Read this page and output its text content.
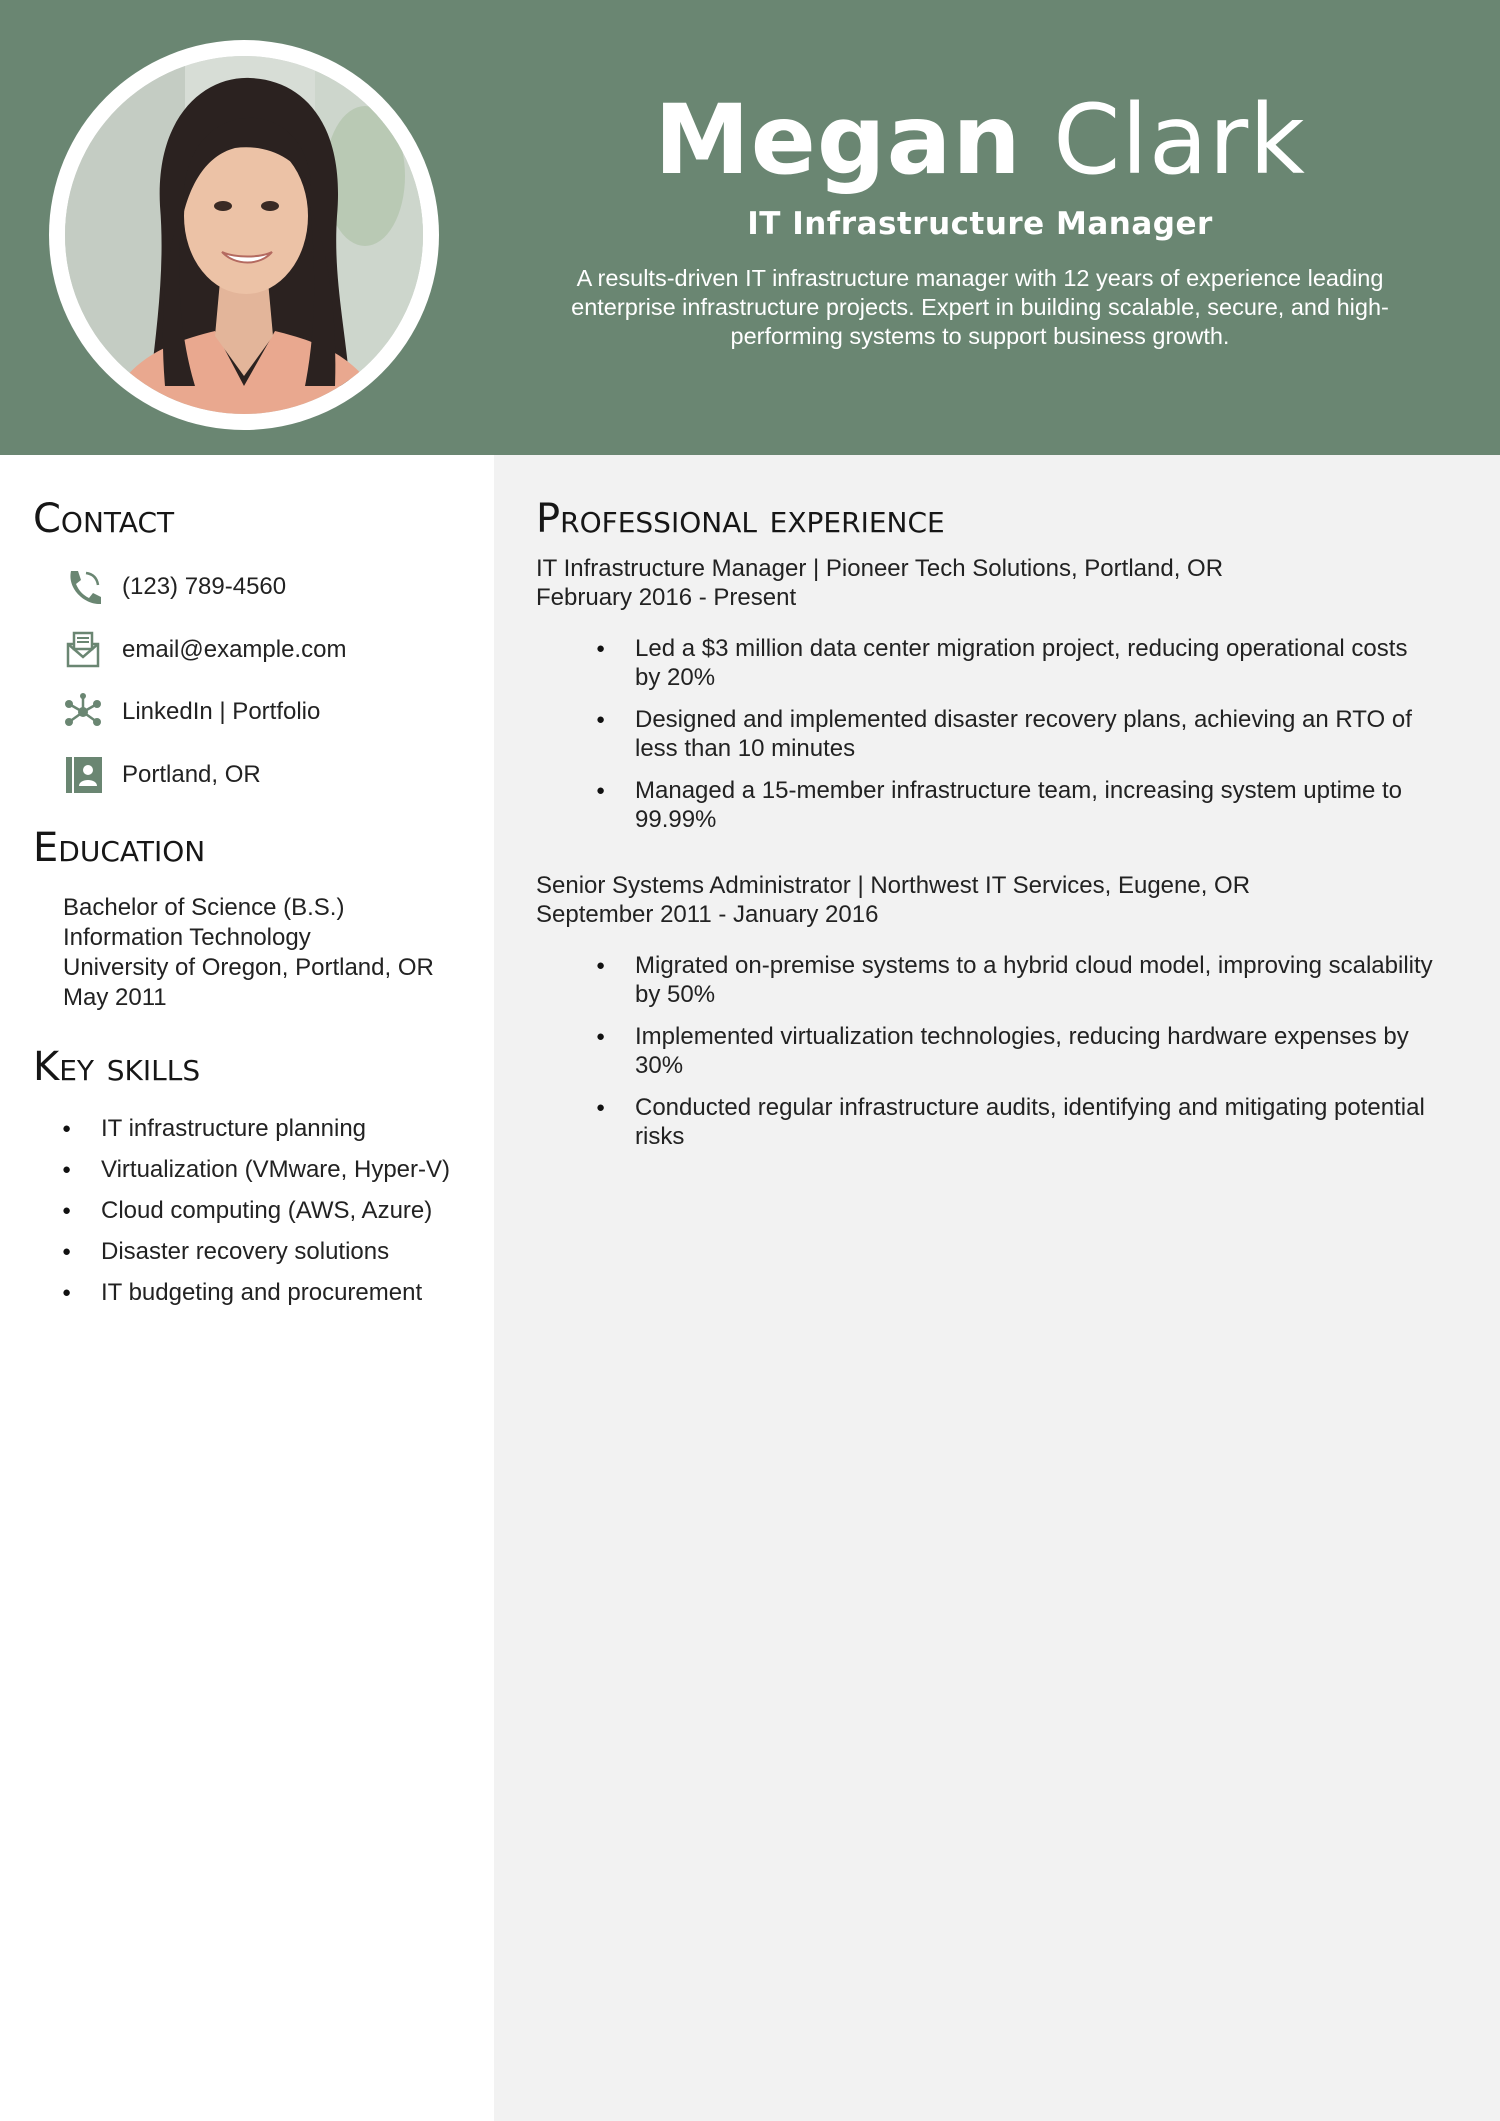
Megan Clark
IT Infrastructure Manager
A results-driven IT infrastructure manager with 12 years of experience leading enterprise infrastructure projects. Expert in building scalable, secure, and high-performing systems to support business growth.
Contact
(123) 789-4560
email@example.com
LinkedIn | Portfolio
Portland, OR
Education
Bachelor of Science (B.S.)
Information Technology
University of Oregon, Portland, OR
May 2011
Key skills
● IT infrastructure planning
● Virtualization (VMware, Hyper-V)
● Cloud computing (AWS, Azure)
● Disaster recovery solutions
● IT budgeting and procurement
Professional experience
IT Infrastructure Manager | Pioneer Tech Solutions, Portland, OR
February 2016 - Present
● Led a $3 million data center migration project, reducing operational costs by 20%
● Designed and implemented disaster recovery plans, achieving an RTO of less than 10 minutes
● Managed a 15-member infrastructure team, increasing system uptime to 99.99%
Senior Systems Administrator | Northwest IT Services, Eugene, OR
September 2011 - January 2016
● Migrated on-premise systems to a hybrid cloud model, improving scalability by 50%
● Implemented virtualization technologies, reducing hardware expenses by 30%
● Conducted regular infrastructure audits, identifying and mitigating potential risks
